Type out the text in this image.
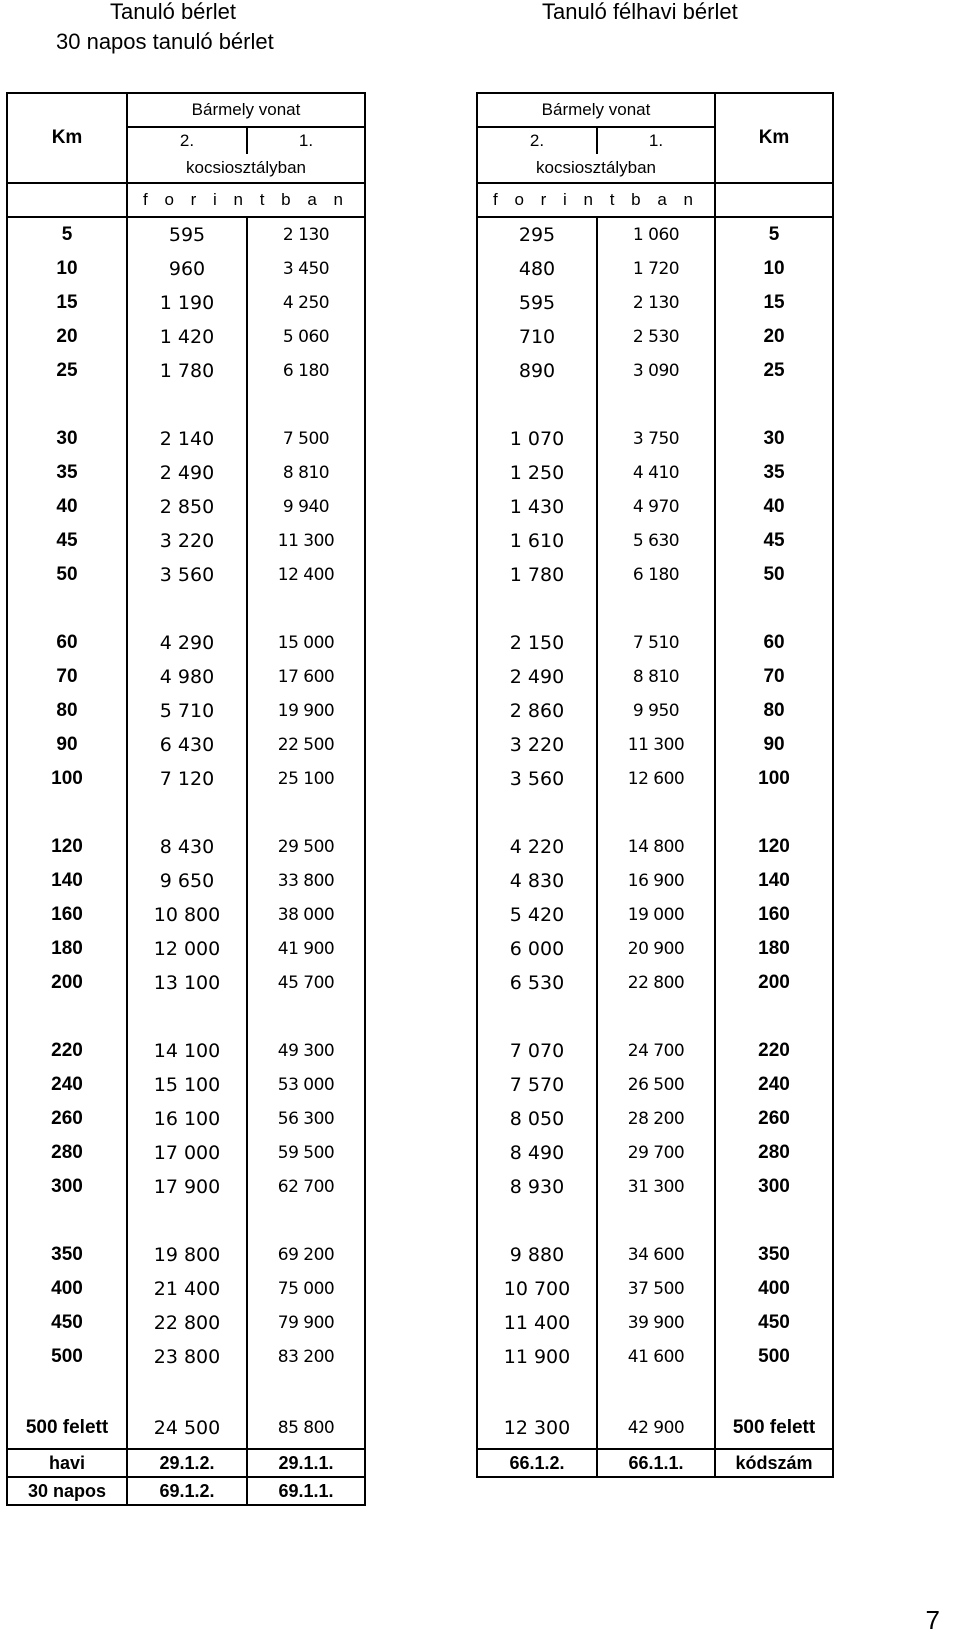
Tanuló bérlet
30 napos tanuló bérlet
Tanuló félhavi bérlet
Km	Bármely vonat	
	2.	1.
	kocsiosztályban	
	f o r i n t b a n	
5	595	2 130
10	960	3 450
15	1 190	4 250
20	1 420	5 060
25	1 780	6 180

30	2 140	7 500
35	2 490	8 810
40	2 850	9 940
45	3 220	11 300
50	3 560	12 400

60	4 290	15 000
70	4 980	17 600
80	5 710	19 900
90	6 430	22 500
100	7 120	25 100

120	8 430	29 500
140	9 650	33 800
160	10 800	38 000
180	12 000	41 900
200	13 100	45 700

220	14 100	49 300
240	15 100	53 000
260	16 100	56 300
280	17 000	59 500
300	17 900	62 700

350	19 800	69 200
400	21 400	75 000
450	22 800	79 900
500	23 800	83 200

500 felett	24 500	85 800
havi	29.1.2.	29.1.1.
30 napos	69.1.2.	69.1.1.
Bármely vonat		Km
2.	1.	
kocsiosztályban		
f o r i n t b a n		
295	1 060	5
480	1 720	10
595	2 130	15
710	2 530	20
890	3 090	25

1 070	3 750	30
1 250	4 410	35
1 430	4 970	40
1 610	5 630	45
1 780	6 180	50

2 150	7 510	60
2 490	8 810	70
2 860	9 950	80
3 220	11 300	90
3 560	12 600	100

4 220	14 800	120
4 830	16 900	140
5 420	19 000	160
6 000	20 900	180
6 530	22 800	200

7 070	24 700	220
7 570	26 500	240
8 050	28 200	260
8 490	29 700	280
8 930	31 300	300

9 880	34 600	350
10 700	37 500	400
11 400	39 900	450
11 900	41 600	500

12 300	42 900	500 felett
66.1.2.	66.1.1.	kódszám
7
